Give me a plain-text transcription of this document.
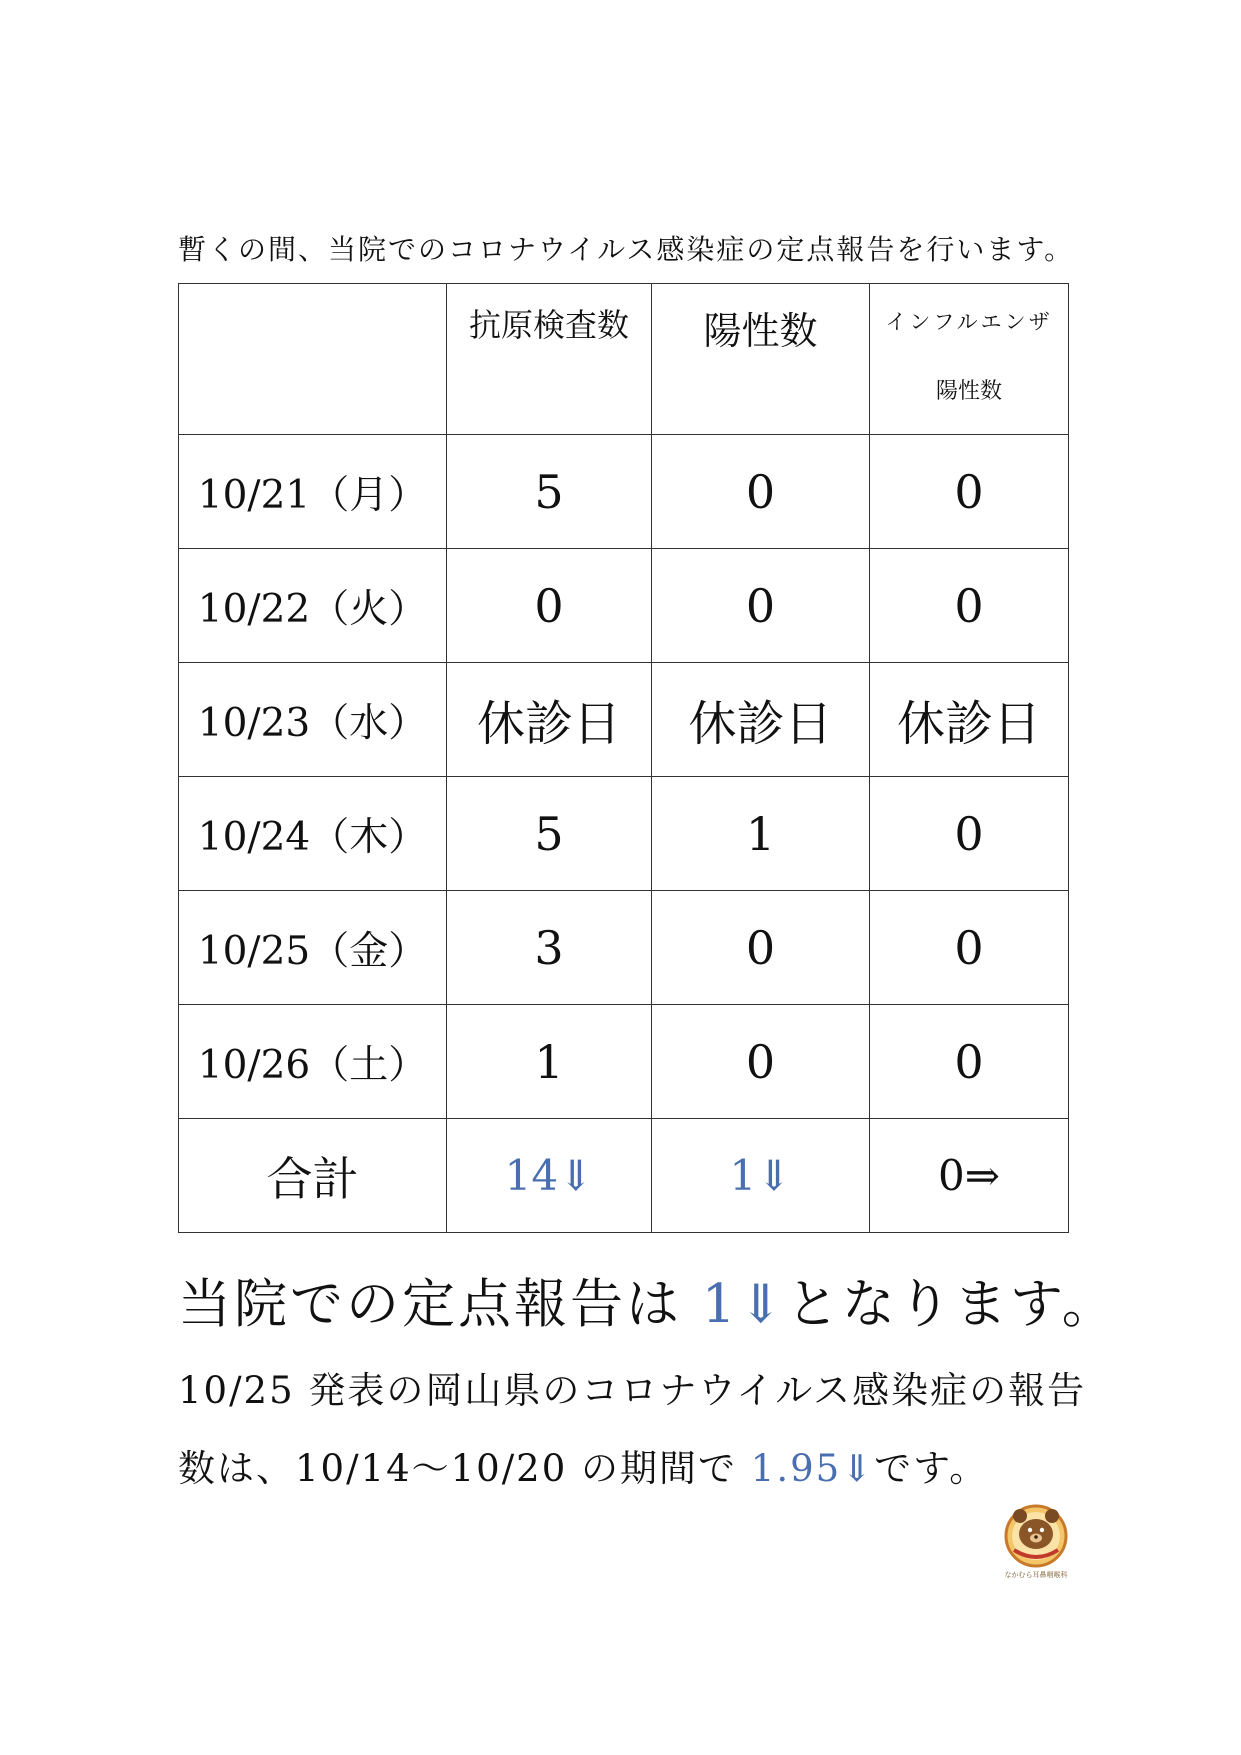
暫くの間、当院でのコロナウイルス感染症の定点報告を行います。

	抗原検査数	陽性数	インフルエンザ
陽性数

10/21（月）	5	0	0
10/22（火）	0	0	0
10/23（水）	休診日	休診日	休診日
10/24（木）	5	1	0
10/25（金）	3	0	0
10/26（土）	1	0	0
合計	14⇓	1⇓	0⇒
当院での定点報告は 1⇓となります。
10/25 発表の岡山県のコロナウイルス感染症の報告
数は、10/14〜10/20 の期間で 1.95⇓です。
なかむら耳鼻咽喉科
